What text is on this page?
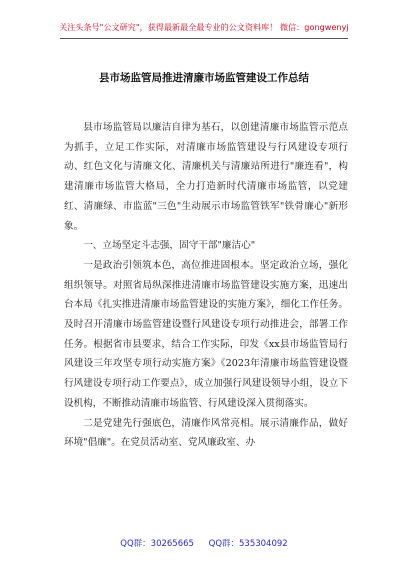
关注头条号"公文研究"，获得最新最全最专业的公文资料库！ 微信：gongwenyj
县市场监管局推进清廉市场监管建设工作总结

县市场监管局以廉洁自律为基石，以创建清廉市场监管示范点为抓手，立足工作实际，对清廉市场监管建设与行风建设专项行动、红色文化与清廉文化、清廉机关与清廉站所进行"廉连看"，构建清廉市场监管大格局，全力打造新时代清廉市场监管，以党建红、清廉绿、市监蓝"三色"生动展示市场监管铁军"铁骨廉心"新形象。

一、立场坚定斗志强，固守干部"廉洁心"

一是政治引领筑本色，高位推进固根本。坚定政治立场，强化组织领导。对照省局纵深推进清廉市场监管建设实施方案，迅速出台本局《扎实推进清廉市场监管建设的实施方案》，细化工作任务。及时召开清廉市场监管建设暨行风建设专项行动推进会，部署工作任务。根据省市县要求，结合工作实际，印发《xx县市场监管局行风建设三年攻坚专项行动实施方案》《2023年清廉市场监管建设暨行风建设专项行动工作要点》，成立加强行风建设领导小组，设立下设机构，不断推动清廉市场监管、行风建设深入贯彻落实。

二是党建先行强底色，清廉作风常亮相。展示清廉作品，做好环境"倡廉"。在党员活动室、党风廉政室、办

QQ群：30265665 QQ群：535304092
